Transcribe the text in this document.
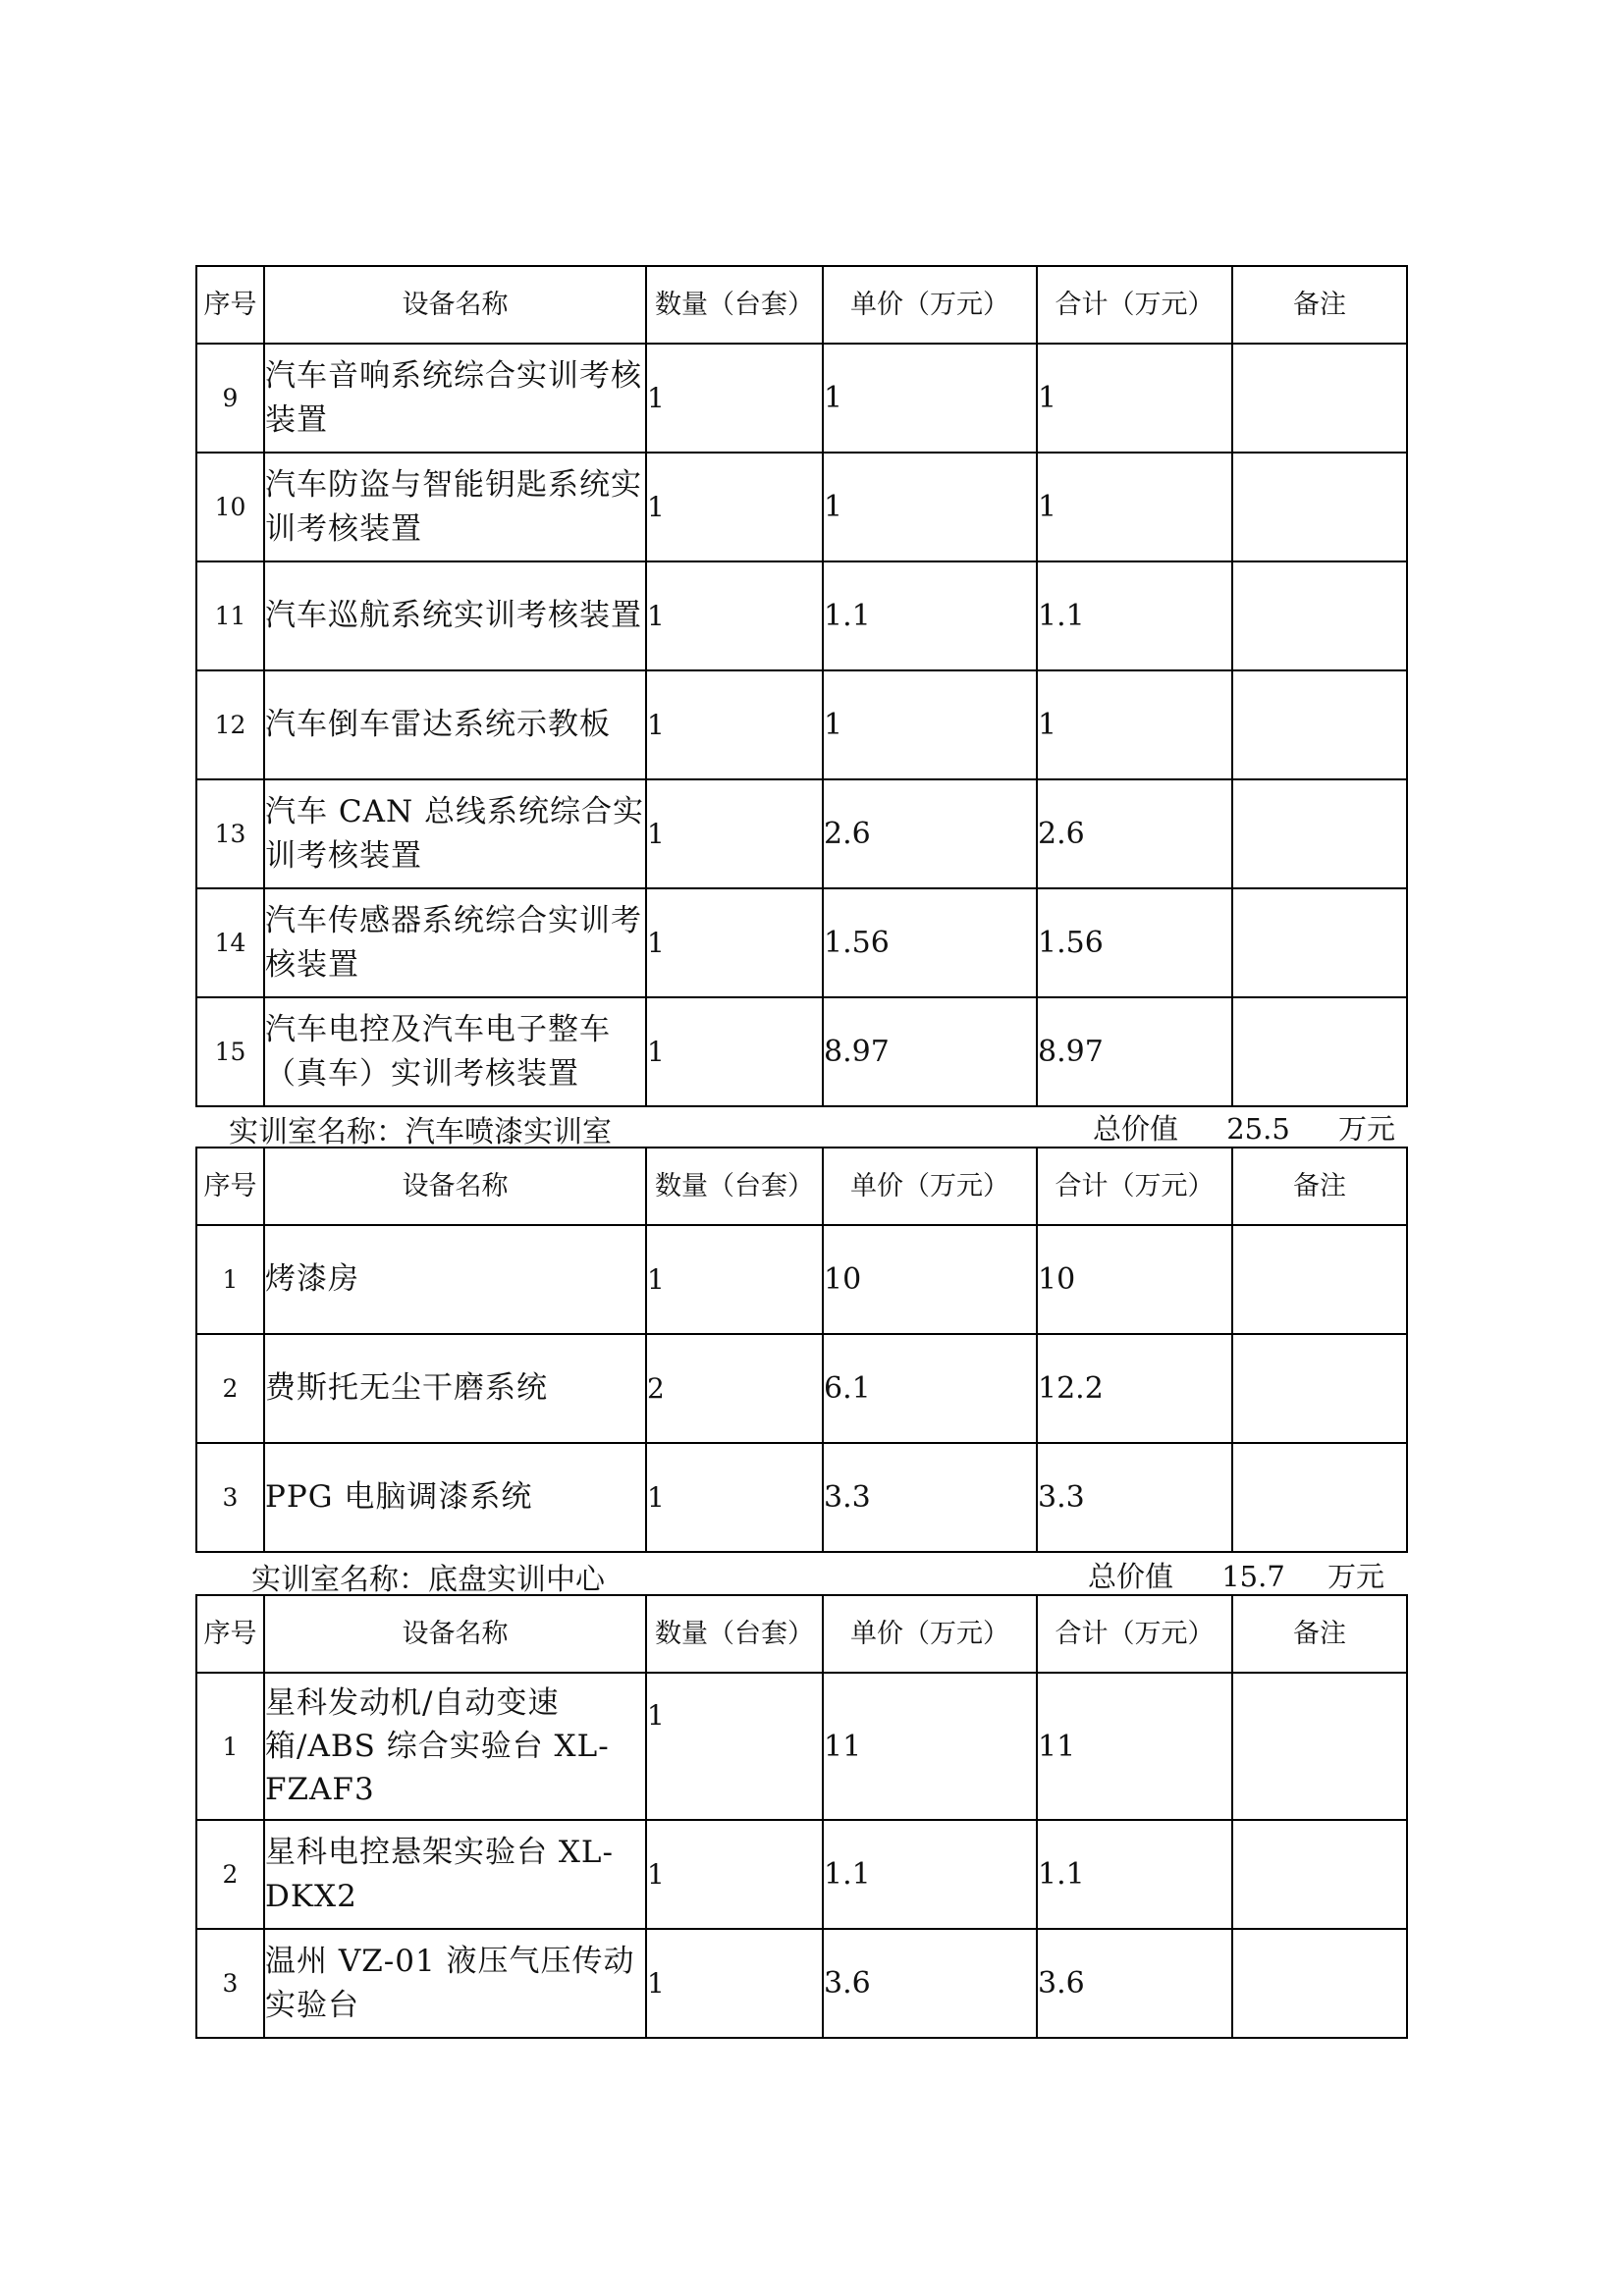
序号	设备名称	数量（台套）	单价（万元）	合计（万元）	备注
9	汽车音响系统综合实训考核装置	1	1	1	
10	汽车防盗与智能钥匙系统实训考核装置	1	1	1	
11	汽车巡航系统实训考核装置	1	1.1	1.1	
12	汽车倒车雷达系统示教板	1	1	1	
13	汽车 CAN 总线系统综合实训考核装置	1	2.6	2.6	
14	汽车传感器系统综合实训考核装置	1	1.56	1.56	
15	汽车电控及汽车电子整车（真车）实训考核装置	1	8.97	8.97	
实训室名称：汽车喷漆实训室	总价值 25.5 万元
序号	设备名称	数量（台套）	单价（万元）	合计（万元）	备注
1	烤漆房	1	10	10	
2	费斯托无尘干磨系统	2	6.1	12.2	
3	PPG 电脑调漆系统	1	3.3	3.3	
实训室名称：底盘实训中心	总价值 15.7 万元
序号	设备名称	数量（台套）	单价（万元）	合计（万元）	备注
1	星科发动机/自动变速箱/ABS 综合实验台 XL-FZAF3	1	11	11	
2	星科电控悬架实验台 XL-DKX2	1	1.1	1.1	
3	温州 VZ-01 液压气压传动实验台	1	3.6	3.6	
